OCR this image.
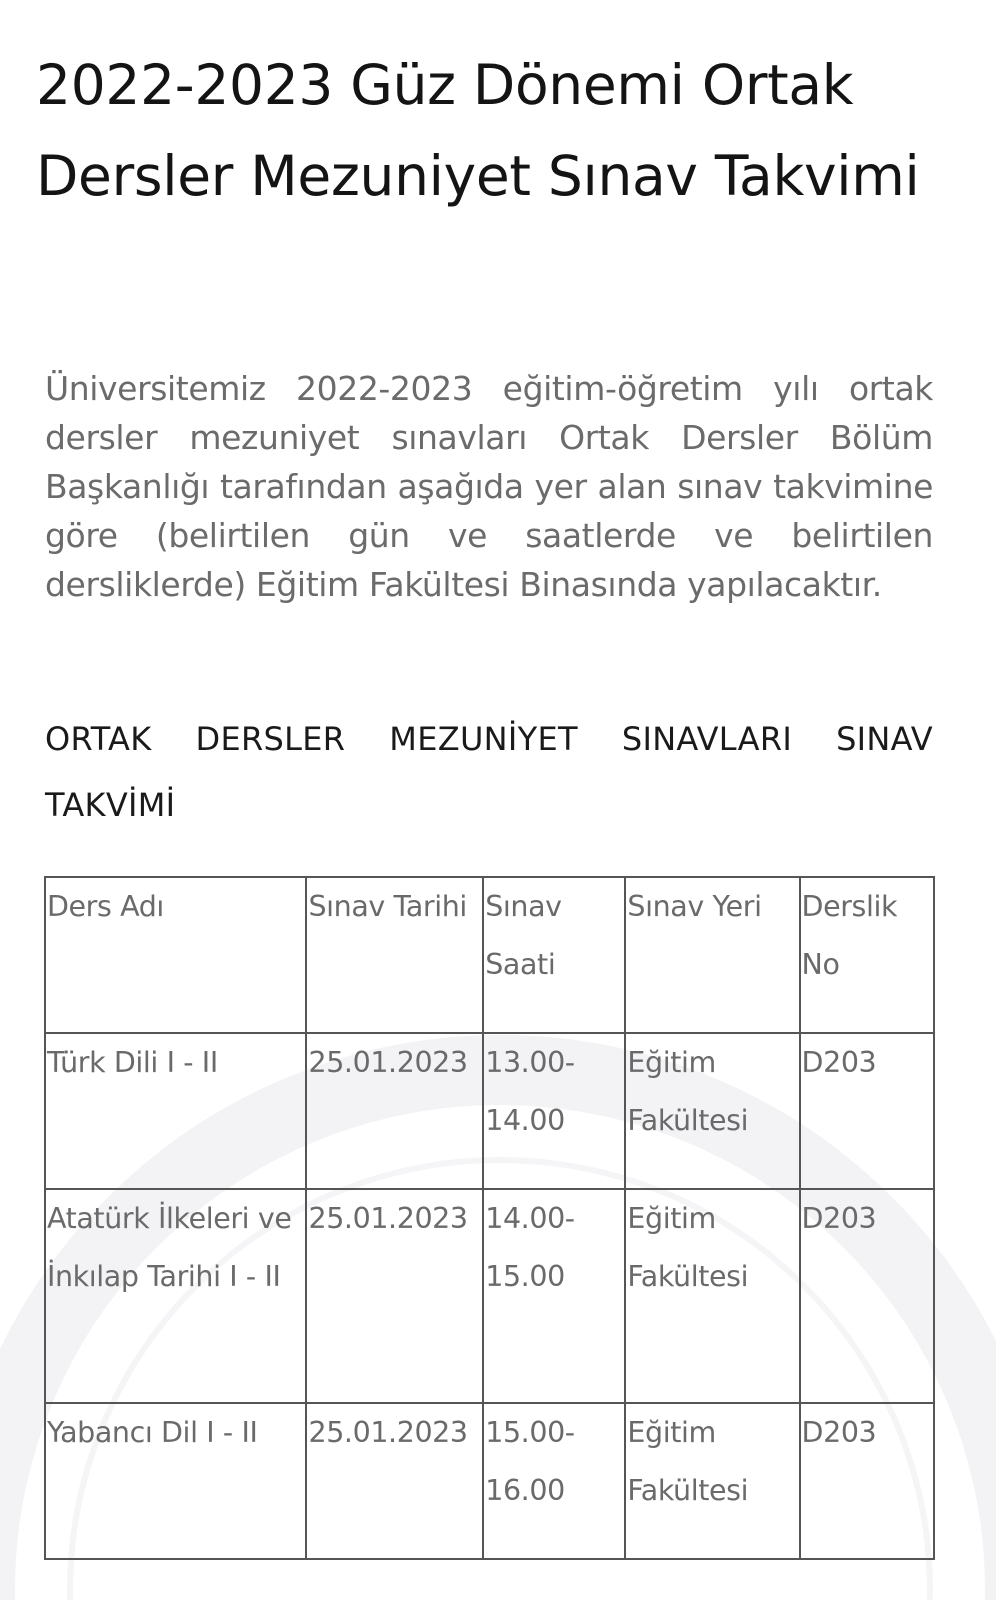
2022-2023 Güz Dönemi Ortak Dersler Mezuniyet Sınav Takvimi

Üniversitemiz 2022-2023 eğitim-öğretim yılı ortak dersler mezuniyet sınavları Ortak Dersler Bölüm Başkanlığı tarafından aşağıda yer alan sınav takvimine göre (belirtilen gün ve saatlerde ve belirtilen dersliklerde) Eğitim Fakültesi Binasında yapılacaktır.

ORTAK DERSLER MEZUNİYET SINAVLARI SINAV TAKVİMİ

Ders Adı	Sınav Tarihi	Sınav Saati	Sınav Yeri	Derslik No
Türk Dili I - II	25.01.2023	13.00-14.00	Eğitim Fakültesi	D203
Atatürk İlkeleri ve İnkılap Tarihi I - II	25.01.2023	14.00-15.00	Eğitim Fakültesi	D203
Yabancı Dil I - II	25.01.2023	15.00-16.00	Eğitim Fakültesi	D203
